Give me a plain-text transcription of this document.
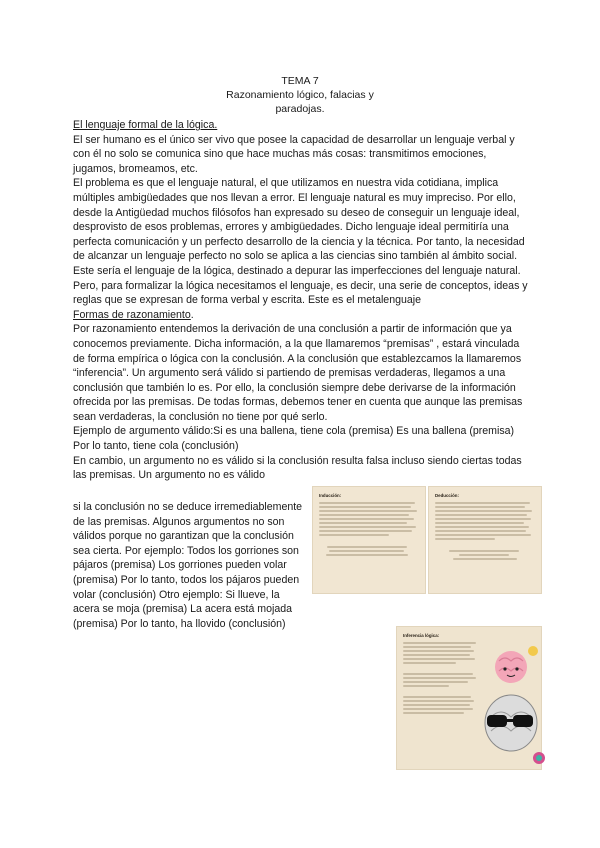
TEMA 7
Razonamiento lógico, falacias y
paradojas.

El lenguaje formal de la lógica.

El ser humano es el único ser vivo que posee la capacidad de desarrollar un lenguaje verbal y con él no solo se comunica sino que hace muchas más cosas: transmitimos emociones, jugamos, bromeamos, etc.

El problema es que el lenguaje natural, el que utilizamos en nuestra vida cotidiana, implica múltiples ambigüedades que nos llevan a error. El lenguaje natural es muy impreciso. Por ello, desde la Antigüedad muchos filósofos han expresado su deseo de conseguir un lenguaje ideal, desprovisto de esos problemas, errores y ambigüedades. Dicho lenguaje ideal permitiría una perfecta comunicación y un perfecto desarrollo de la ciencia y la técnica. Por tanto, la necesidad de alcanzar un lenguaje perfecto no solo se aplica a las ciencias sino también al ámbito social. Este sería el lenguaje de la lógica, destinado a depurar las imperfecciones del lenguaje natural. Pero, para formalizar la lógica necesitamos el lenguaje, es decir, una serie de conceptos, ideas y reglas que se expresan de forma verbal y escrita. Este es el metalenguaje

Formas de razonamiento.

Por razonamiento entendemos la derivación de una conclusión a partir de información que ya conocemos previamente. Dicha información, a la que llamaremos “premisas” , estará vinculada de forma empírica o lógica con la conclusión. A la conclusión que establezcamos la llamaremos “inferencia”. Un argumento será válido si partiendo de premisas verdaderas, llegamos a una conclusión que también lo es. Por ello, la conclusión siempre debe derivarse de la información ofrecida por las premisas. De todas formas, debemos tener en cuenta que aunque las premisas sean verdaderas, la conclusión no tiene por qué serlo.

Ejemplo de argumento válido:Si es una ballena, tiene cola (premisa) Es una ballena (premisa) Por lo tanto, tiene cola (conclusión)

En cambio, un argumento no es válido si la conclusión resulta falsa incluso siendo ciertas todas las premisas. Un argumento no es válido

si la conclusión no se deduce irremediablemente de las premisas. Algunos argumentos no son válidos porque no garantizan que la conclusión sea cierta. Por ejemplo: Todos los gorriones son pájaros (premisa) Los gorriones pueden volar (premisa) Por lo tanto, todos los pájaros pueden volar (conclusión) Otro ejemplo: Si llueve, la acera se moja (premisa) La acera está mojada (premisa) Por lo tanto, ha llovido (conclusión)

Inducción:	Deducción:
Inferencia lógica:
